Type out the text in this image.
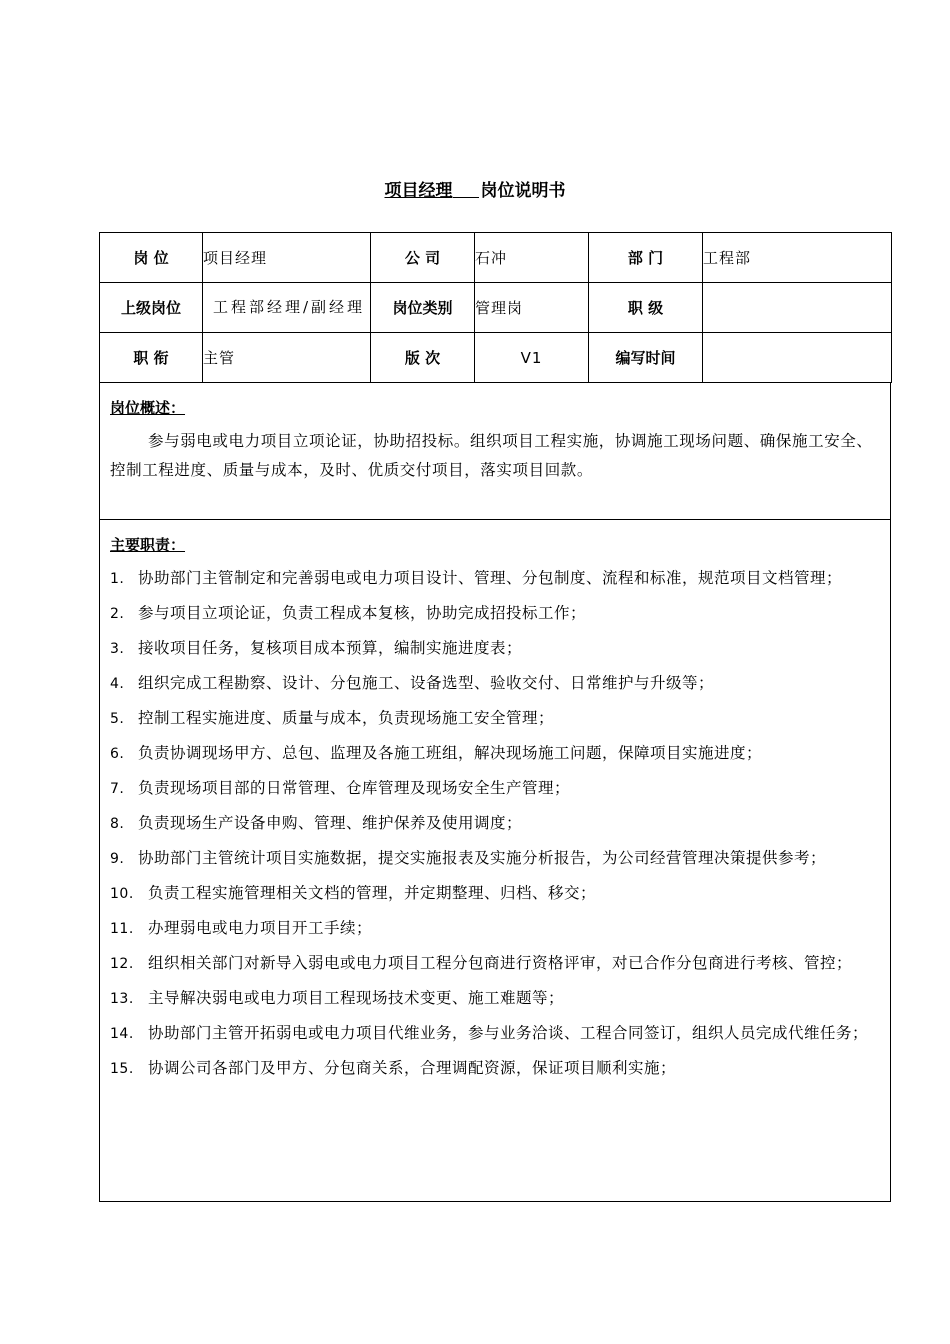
项目经理 岗位说明书
岗 位	项目经理	公 司	石冲	部 门	工程部
上级岗位	工程部经理/副经理	岗位类别	管理岗	职 级	
职 衔	主管	版 次	V1	编写时间	
岗位概述：
参与弱电或电力项目立项论证，协助招投标。组织项目工程实施，协调施工现场问题、确保施工安全、控制工程进度、质量与成本，及时、优质交付项目，落实项目回款。
主要职责：
1. 协助部门主管制定和完善弱电或电力项目设计、管理、分包制度、流程和标准，规范项目文档管理；
2. 参与项目立项论证，负责工程成本复核，协助完成招投标工作；
3. 接收项目任务，复核项目成本预算，编制实施进度表；
4. 组织完成工程勘察、设计、分包施工、设备选型、验收交付、日常维护与升级等；
5. 控制工程实施进度、质量与成本，负责现场施工安全管理；
6. 负责协调现场甲方、总包、监理及各施工班组，解决现场施工问题，保障项目实施进度；
7. 负责现场项目部的日常管理、仓库管理及现场安全生产管理；
8. 负责现场生产设备申购、管理、维护保养及使用调度；
9. 协助部门主管统计项目实施数据，提交实施报表及实施分析报告，为公司经营管理决策提供参考；
10. 负责工程实施管理相关文档的管理，并定期整理、归档、移交；
11. 办理弱电或电力项目开工手续；
12. 组织相关部门对新导入弱电或电力项目工程分包商进行资格评审，对已合作分包商进行考核、管控；
13. 主导解决弱电或电力项目工程现场技术变更、施工难题等；
14. 协助部门主管开拓弱电或电力项目代维业务，参与业务洽谈、工程合同签订，组织人员完成代维任务；
15. 协调公司各部门及甲方、分包商关系，合理调配资源，保证项目顺利实施；
